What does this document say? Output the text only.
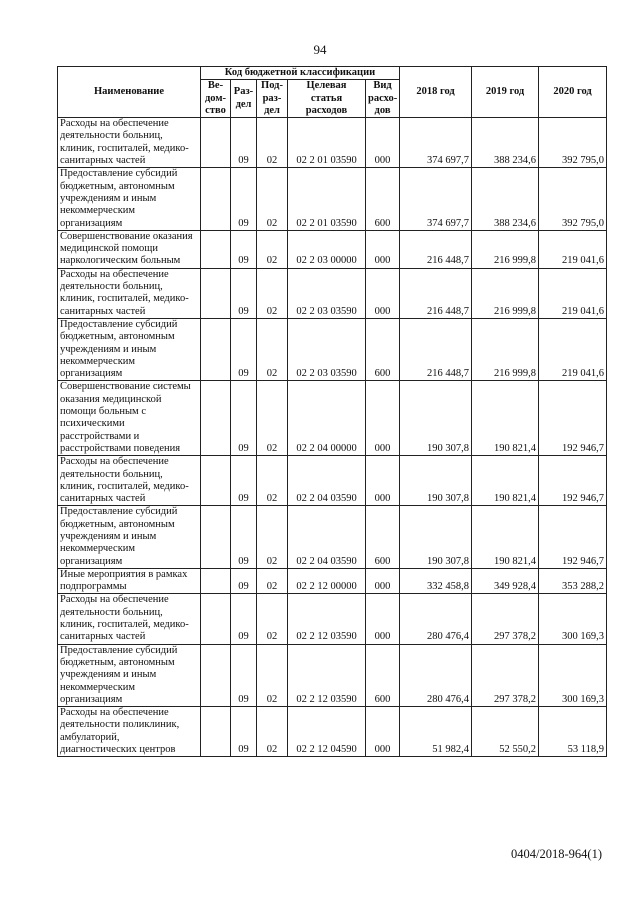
94
Наименование	Код бюджетной классификации					2018 год	2019 год	2020 год
	Ве-
дом-
ство	Раз-
дел	Под-
раз-
дел	Целевая
статья
расходов	Вид
расхо-
дов			
Расходы на обеспечение деятельности больниц, клиник, госпиталей, медико-санитарных частей		09	02	02 2 01 03590	000	374 697,7	388 234,6	392 795,0
Предоставление субсидий бюджетным, автономным учреждениям и иным некоммерческим организациям		09	02	02 2 01 03590	600	374 697,7	388 234,6	392 795,0
Совершенствование оказания медицинской помощи наркологическим больным		09	02	02 2 03 00000	000	216 448,7	216 999,8	219 041,6
Расходы на обеспечение деятельности больниц, клиник, госпиталей, медико-санитарных частей		09	02	02 2 03 03590	000	216 448,7	216 999,8	219 041,6
Предоставление субсидий бюджетным, автономным учреждениям и иным некоммерческим организациям		09	02	02 2 03 03590	600	216 448,7	216 999,8	219 041,6
Совершенствование системы оказания медицинской помощи больным с психическими расстройствами и расстройствами поведения		09	02	02 2 04 00000	000	190 307,8	190 821,4	192 946,7
Расходы на обеспечение деятельности больниц, клиник, госпиталей, медико-санитарных частей		09	02	02 2 04 03590	000	190 307,8	190 821,4	192 946,7
Предоставление субсидий бюджетным, автономным учреждениям и иным некоммерческим организациям		09	02	02 2 04 03590	600	190 307,8	190 821,4	192 946,7
Иные мероприятия в рамках подпрограммы		09	02	02 2 12 00000	000	332 458,8	349 928,4	353 288,2
Расходы на обеспечение деятельности больниц, клиник, госпиталей, медико-санитарных частей		09	02	02 2 12 03590	000	280 476,4	297 378,2	300 169,3
Предоставление субсидий бюджетным, автономным учреждениям и иным некоммерческим организациям		09	02	02 2 12 03590	600	280 476,4	297 378,2	300 169,3
Расходы на обеспечение деятельности поликлиник, амбулаторий, диагностических центров		09	02	02 2 12 04590	000	51 982,4	52 550,2	53 118,9
0404/2018-964(1)
